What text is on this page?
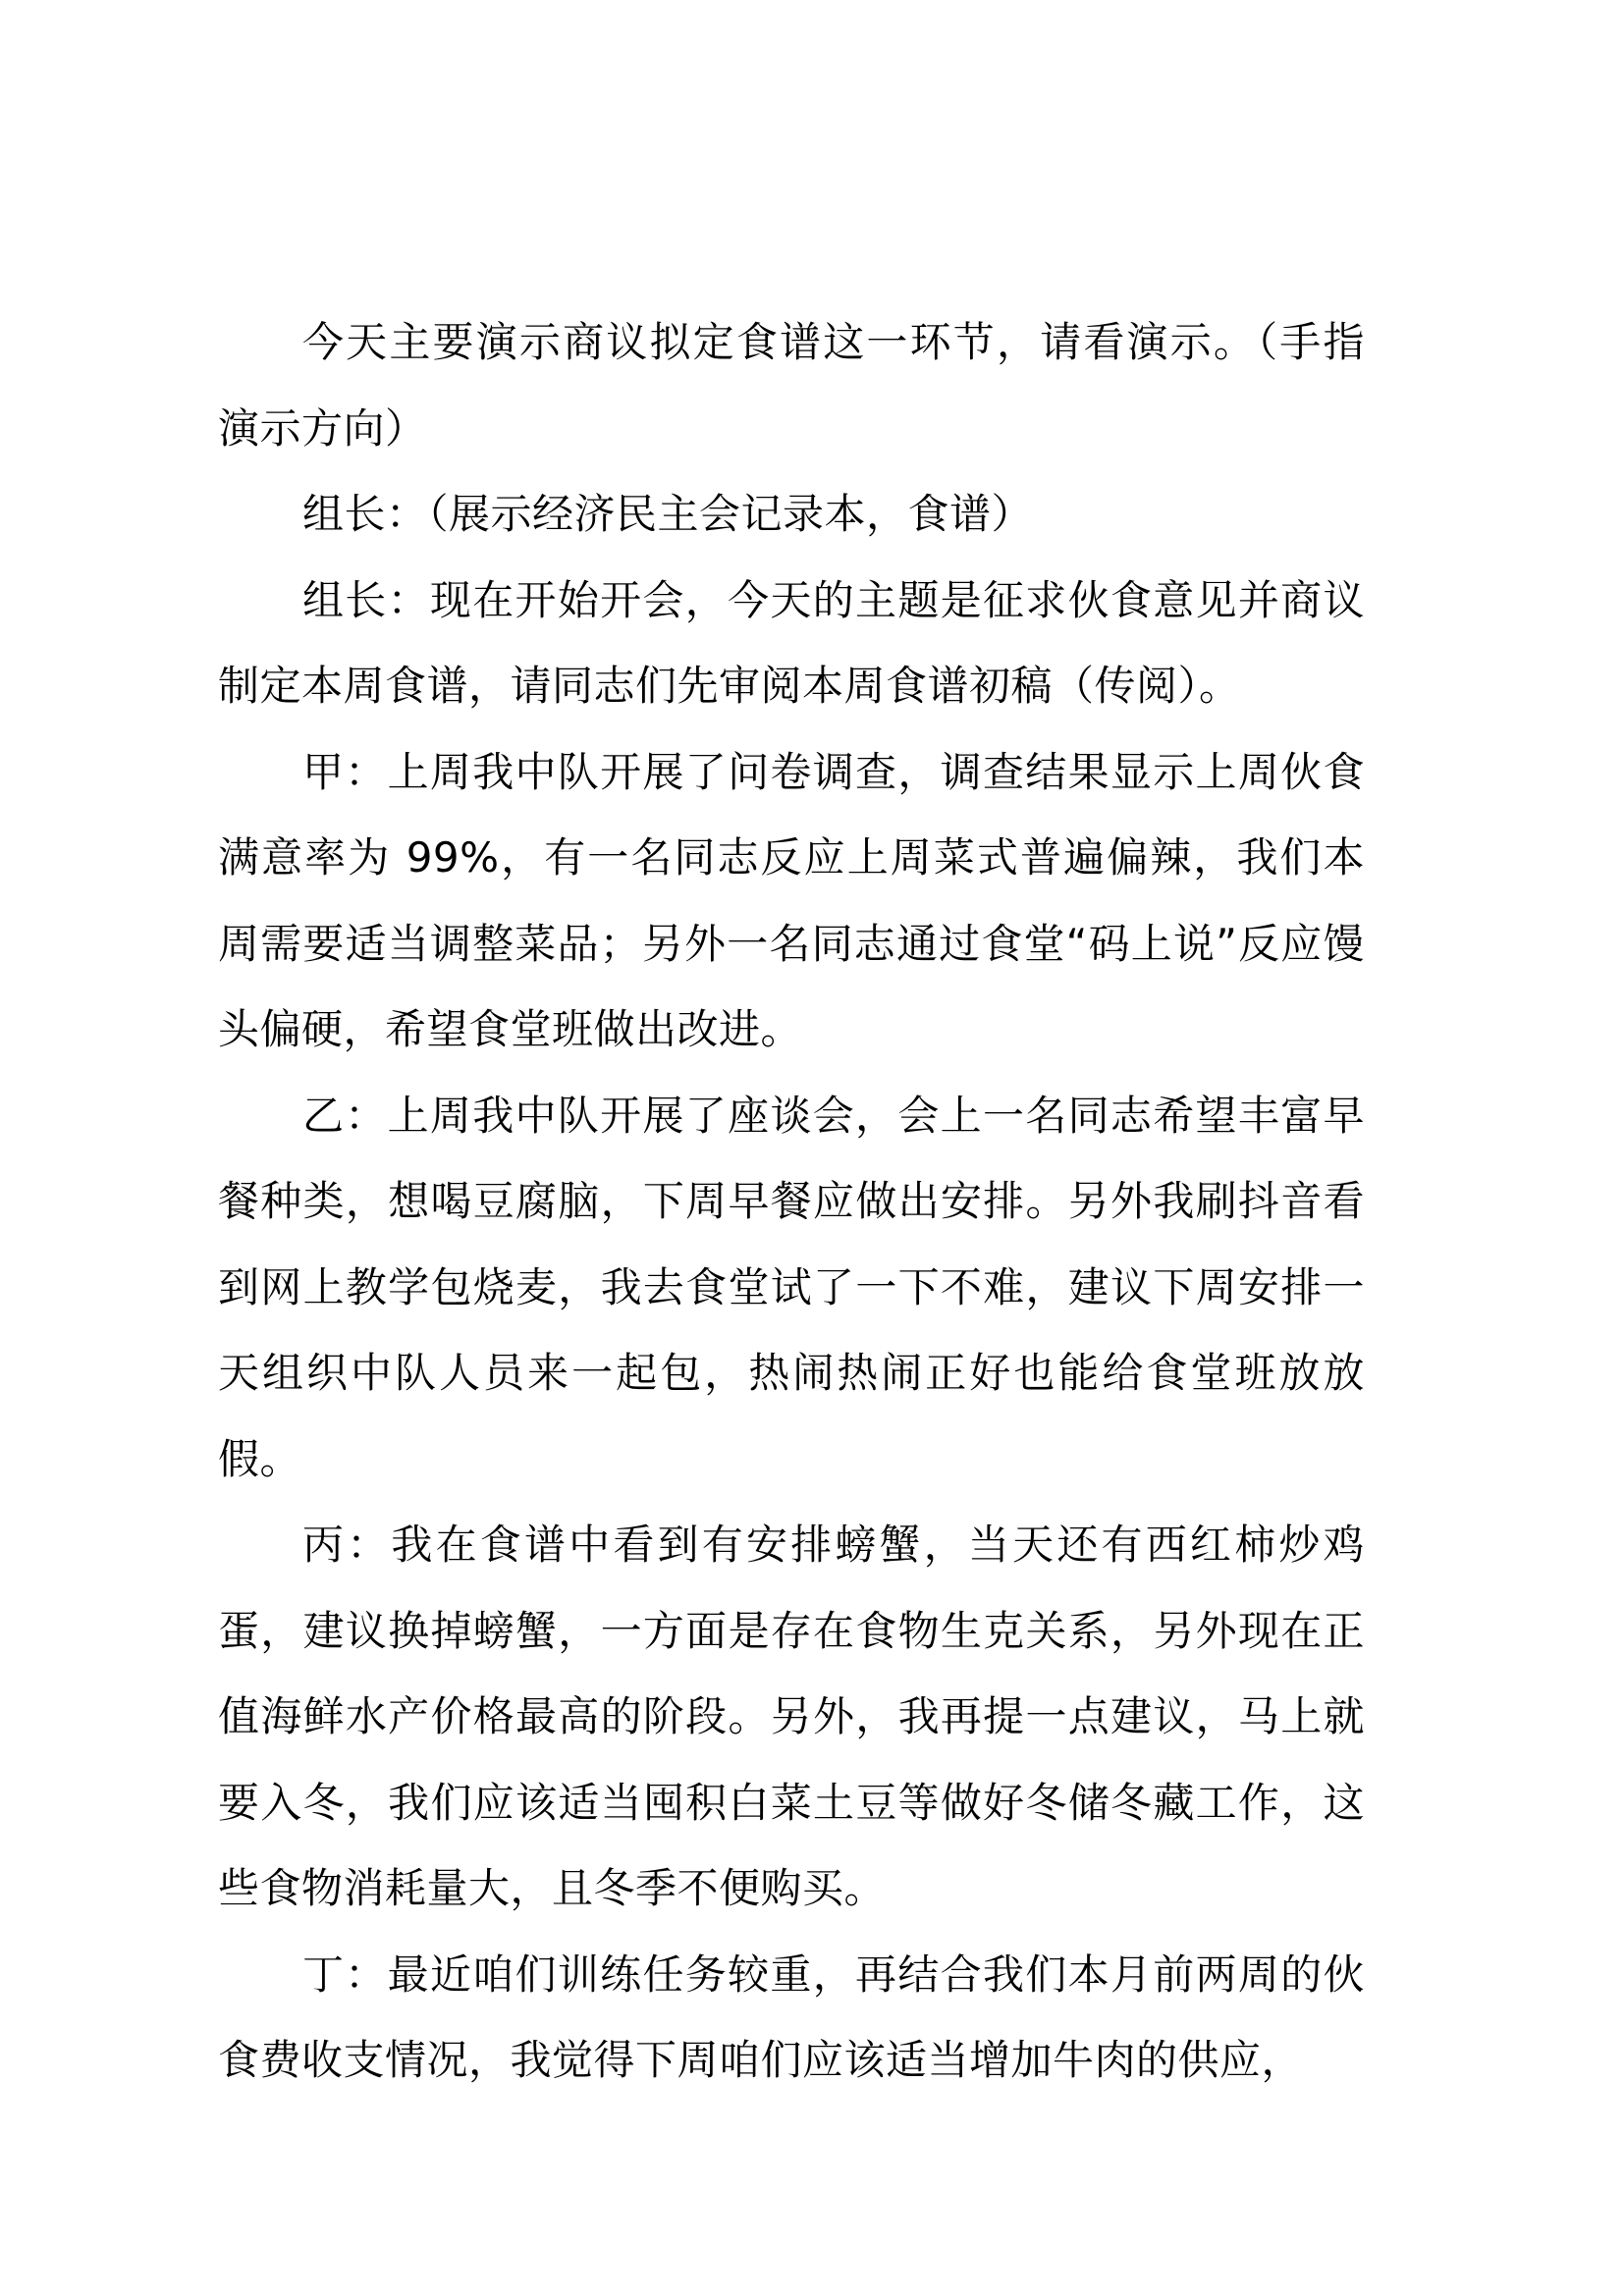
今天主要演示商议拟定食谱这一环节，请看演示。（手指演示方向）

组长：（展示经济民主会记录本，食谱）

组长：现在开始开会，今天的主题是征求伙食意见并商议制定本周食谱，请同志们先审阅本周食谱初稿（传阅）。

甲：上周我中队开展了问卷调查，调查结果显示上周伙食满意率为 99%，有一名同志反应上周菜式普遍偏辣，我们本周需要适当调整菜品；另外一名同志通过食堂“码上说”反应馒头偏硬，希望食堂班做出改进。

乙：上周我中队开展了座谈会，会上一名同志希望丰富早餐种类，想喝豆腐脑，下周早餐应做出安排。另外我刷抖音看到网上教学包烧麦，我去食堂试了一下不难，建议下周安排一天组织中队人员来一起包，热闹热闹正好也能给食堂班放放假。

丙：我在食谱中看到有安排螃蟹，当天还有西红柿炒鸡蛋，建议换掉螃蟹，一方面是存在食物生克关系，另外现在正值海鲜水产价格最高的阶段。另外，我再提一点建议，马上就要入冬，我们应该适当囤积白菜土豆等做好冬储冬藏工作，这些食物消耗量大，且冬季不便购买。

丁：最近咱们训练任务较重，再结合我们本月前两周的伙食费收支情况，我觉得下周咱们应该适当增加牛肉的供应，
